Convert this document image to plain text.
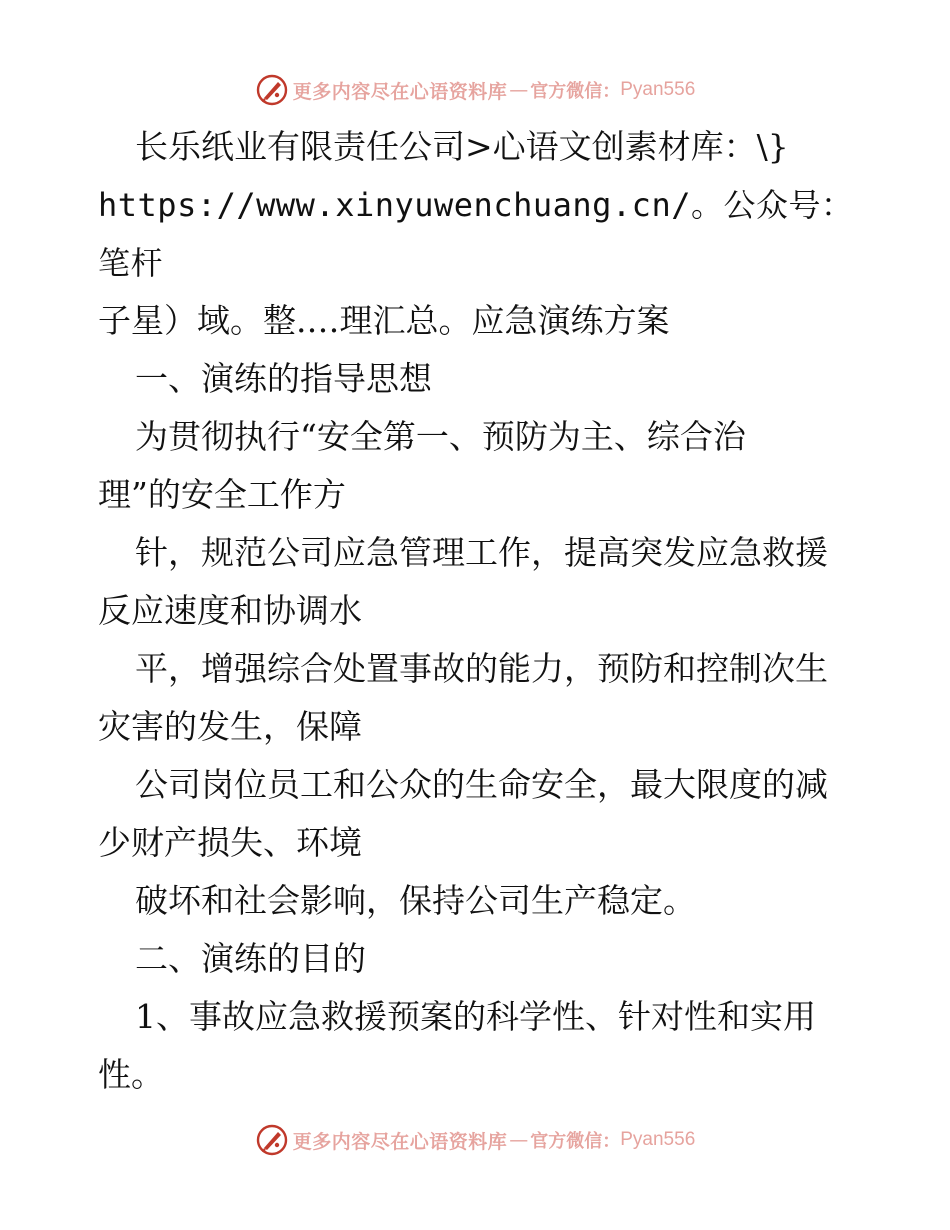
更多内容尽在心语资料库 — 官方微信： Pyan556

长乐纸业有限责任公司>心语文创素材库：\}

https://www.xinyuwenchuang.cn/。公众号：笔杆

子星）域。整.…理汇总。应急演练方案

一、演练的指导思想

为贯彻执行“安全第一、预防为主、综合治

理”的安全工作方

针，规范公司应急管理工作，提高突发应急救援

反应速度和协调水

平，增强综合处置事故的能力，预防和控制次生

灾害的发生，保障

公司岗位员工和公众的生命安全，最大限度的减

少财产损失、环境

破坏和社会影响，保持公司生产稳定。

二、演练的目的

1、事故应急救援预案的科学性、针对性和实用

性。

更多内容尽在心语资料库 — 官方微信： Pyan556
